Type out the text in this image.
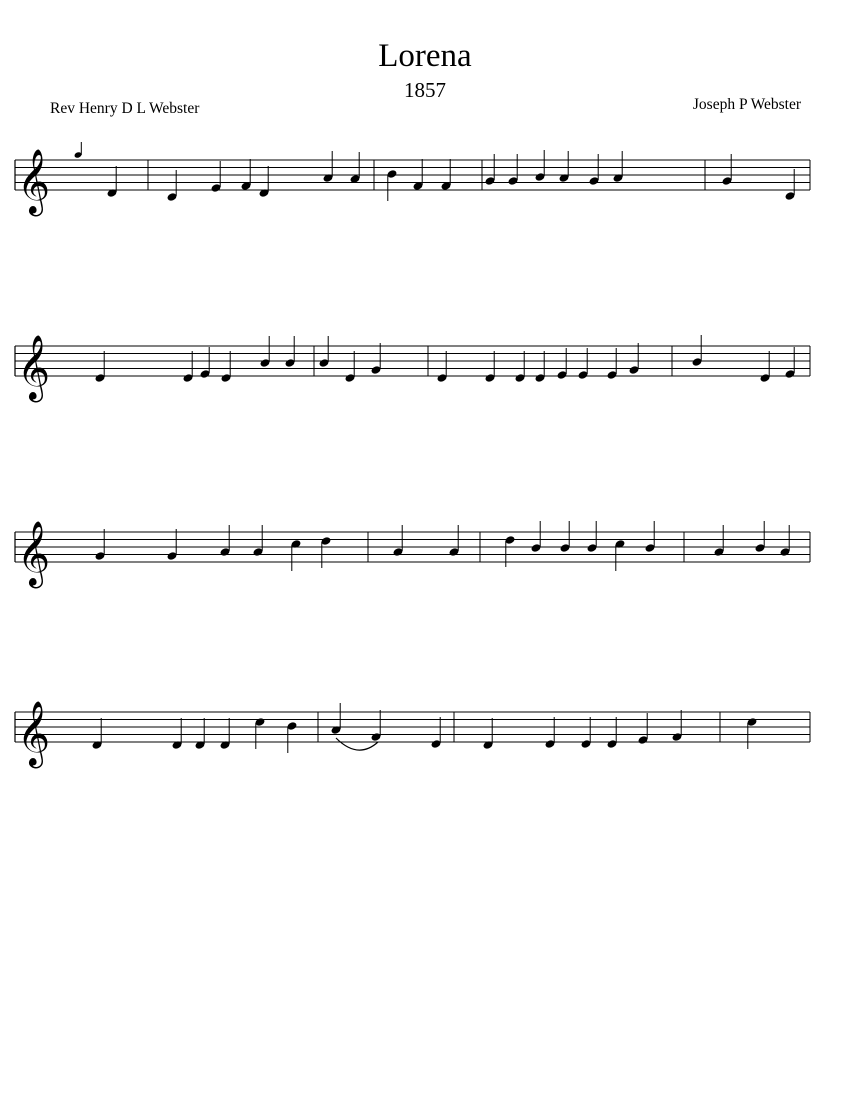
Lorena
1857
Rev Henry D L Webster	Joseph P Webster
𝄞
𝄞
𝄞
𝄞
